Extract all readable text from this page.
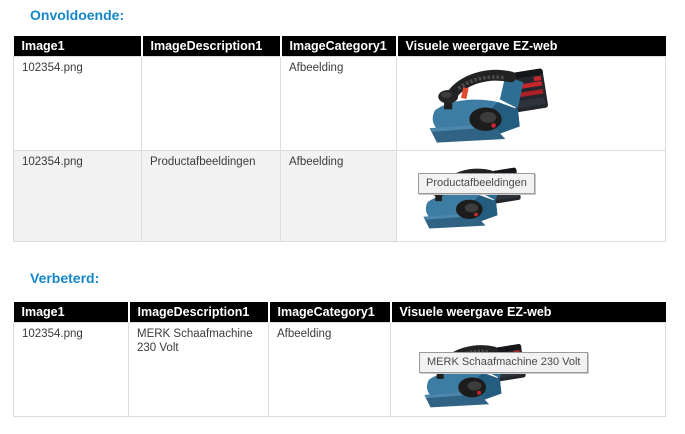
Onvoldoende:
Image1	ImageDescription1	ImageCategory1	Visuele weergave EZ-web
102354.png		Afbeelding	

102354.png	Productafbeeldingen	Afbeelding	Productafbeeldingen
Verbeterd:
Image1	ImageDescription1	ImageCategory1	Visuele weergave EZ-web
102354.png	MERK Schaafmachine 230 Volt	Afbeelding	MERK Schaafmachine 230 Volt
